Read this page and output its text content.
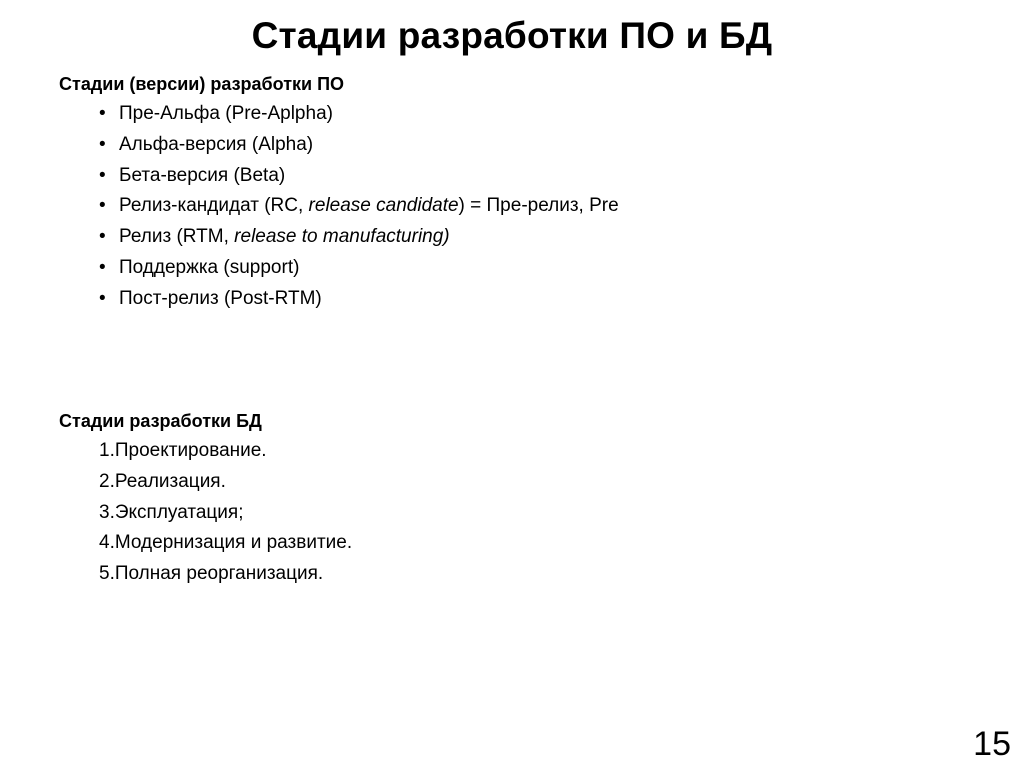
Стадии разработки ПО и БД
Стадии (версии) разработки ПО
• Пре-Альфа (Pre-Aplpha)
• Альфа-версия (Alpha)
• Бета-версия (Beta)
• Релиз-кандидат (RC, release candidate) = Пре-релиз, Pre
• Релиз (RTM, release to manufacturing)
• Поддержка (support)
• Пост-релиз (Post-RTM)
Стадии разработки БД
1.Проектирование.
2.Реализация.
3.Эксплуатация;
4.Модернизация и развитие.
5.Полная реорганизация.
15
